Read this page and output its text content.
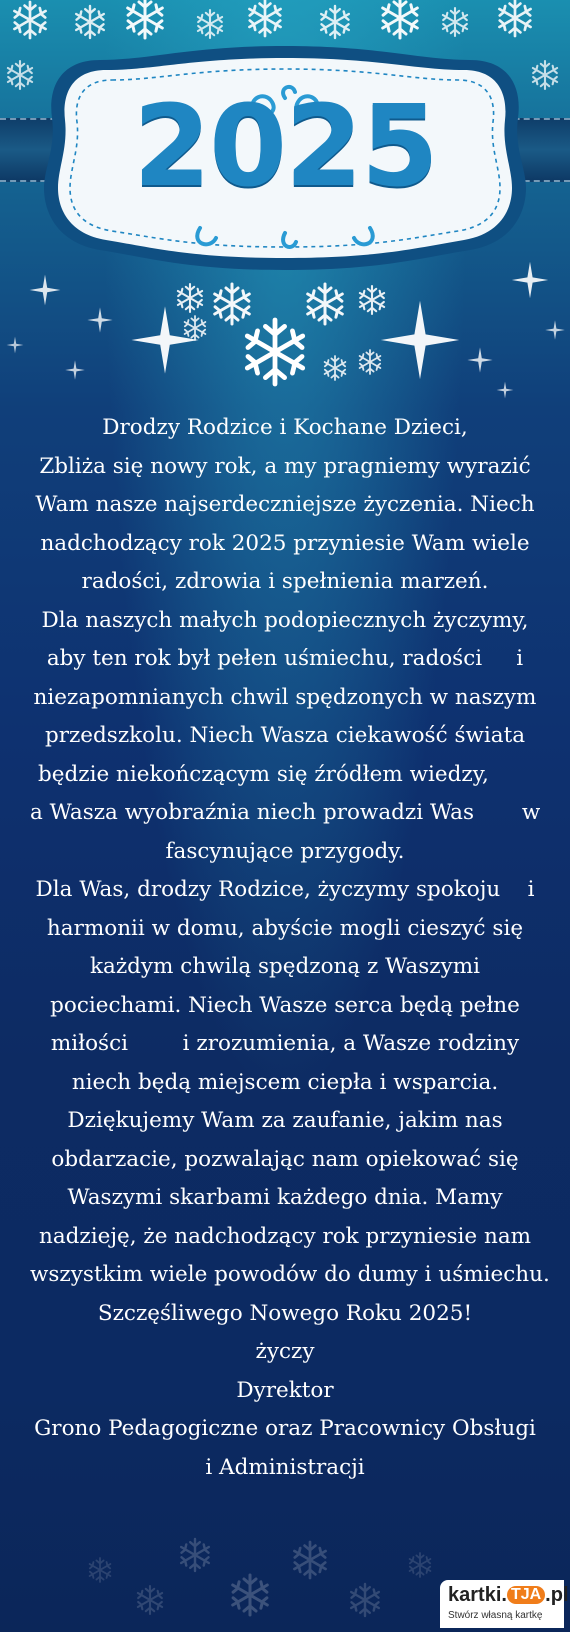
2025
Drodzy Rodzice i Kochane Dzieci,
Zbliża się nowy rok, a my pragniemy wyrazić
Wam nasze najserdeczniejsze życzenia. Niech
nadchodzący rok 2025 przyniesie Wam wiele
radości, zdrowia i spełnienia marzeń.
Dla naszych małych podopiecznych życzymy,
aby ten rok był pełen uśmiechu, radości     i
niezapomnianych chwil spędzonych w naszym
przedszkolu. Niech Wasza ciekawość świata
będzie niekończącym się źródłem wiedzy,
a Wasza wyobraźnia niech prowadzi Was       w
fascynujące przygody.
Dla Was, drodzy Rodzice, życzymy spokoju    i
harmonii w domu, abyście mogli cieszyć się
każdym chwilą spędzoną z Waszymi
pociechami. Niech Wasze serca będą pełne
miłości        i zrozumienia, a Wasze rodziny
niech będą miejscem ciepła i wsparcia.
Dziękujemy Wam za zaufanie, jakim nas
obdarzacie, pozwalając nam opiekować się
Waszymi skarbami każdego dnia. Mamy
nadzieję, że nadchodzący rok przyniesie nam
wszystkim wiele powodów do dumy i uśmiechu.
Szczęśliwego Nowego Roku 2025!
życzy
Dyrektor
Grono Pedagogiczne oraz Pracownicy Obsługi
i Administracji
kartki. TJA .pl
Stwórz własną kartkę
